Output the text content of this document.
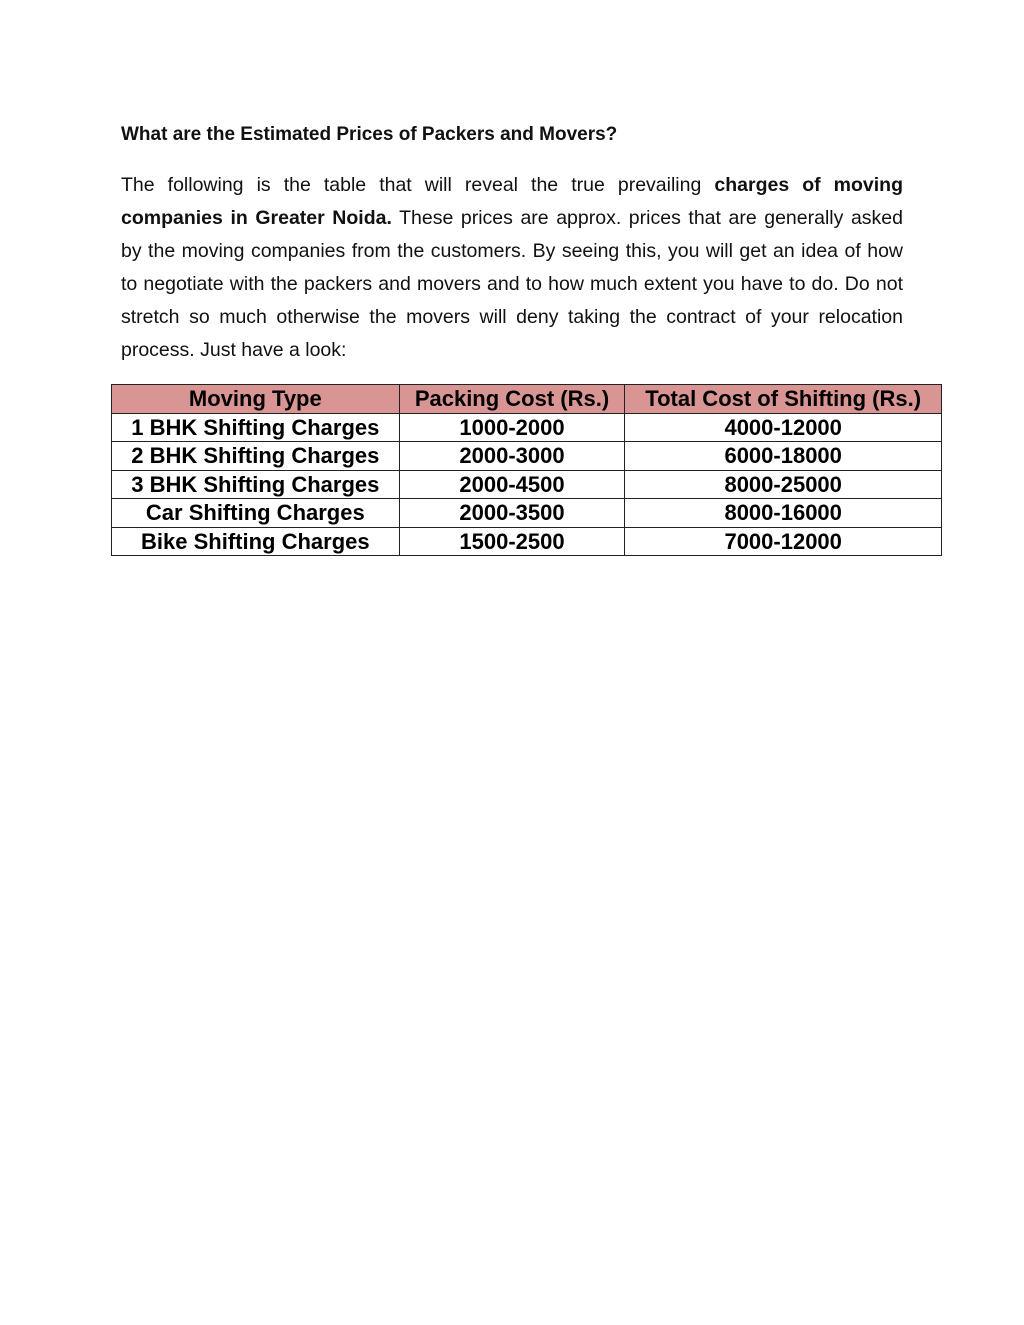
What are the Estimated Prices of Packers and Movers?

The following is the table that will reveal the true prevailing charges of moving companies in Greater Noida. These prices are approx. prices that are generally asked by the moving companies from the customers. By seeing this, you will get an idea of how to negotiate with the packers and movers and to how much extent you have to do. Do not stretch so much otherwise the movers will deny taking the contract of your relocation process. Just have a look:

Moving Type	Packing Cost (Rs.)	Total Cost of Shifting (Rs.)
1 BHK Shifting Charges	1000-2000	4000-12000
2 BHK Shifting Charges	2000-3000	6000-18000
3 BHK Shifting Charges	2000-4500	8000-25000
Car Shifting Charges	2000-3500	8000-16000
Bike Shifting Charges	1500-2500	7000-12000
